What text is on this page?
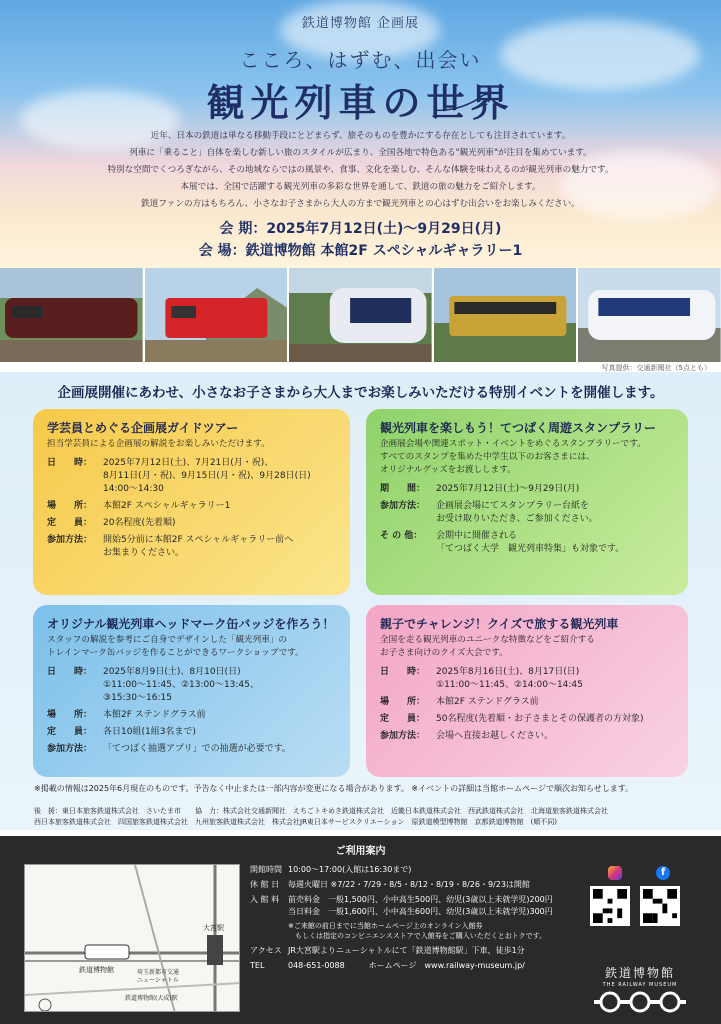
鉄道博物館 企画展
こころ、はずむ、出会い
観光列車の世界
近年、日本の鉄道は単なる移動手段にとどまらず、旅そのものを豊かにする存在としても注目されています。
列車に「乗ること」自体を楽しむ新しい旅のスタイルが広まり、全国各地で特色ある"観光列車"が注目を集めています。
特別な空間でくつろぎながら、その地域ならではの風景や、食事、文化を楽しむ、そんな体験を味わえるのが観光列車の魅力です。
本展では、全国で活躍する観光列車の多彩な世界を通して、鉄道の旅の魅力をご紹介します。
鉄道ファンの方はもちろん、小さなお子さまから大人の方まで観光列車との心はずむ出会いをお楽しみください。
会 期：2025年7月12日(土)～9月29日(月)
会 場：鉄道博物館 本館2F スペシャルギャラリー1
写真提供：交通新聞社（5点とも）
企画展開催にあわせ、小さなお子さまから大人までお楽しみいただける特別イベントを開催します。
学芸員とめぐる企画展ガイドツアー
担当学芸員による企画展の解説をお楽しみいただけます。
日　　時：	2025年7月12日(土)、7月21日(月・祝)、
8月11日(月・祝)、9月15日(月・祝)、9月28日(日)
14:00～14:30
場　　所：	本館2F スペシャルギャラリー1
定　　員：	20名程度(先着順)
参加方法：	開始5分前に本館2F スペシャルギャラリー前へ
お集まりください。
観光列車を楽しもう！てつぱく周遊スタンプラリー
企画展会場や関連スポット・イベントをめぐるスタンプラリーです。
すべてのスタンプを集めた中学生以下のお客さまには、
オリジナルグッズをお渡しします。
期　　間：	2025年7月12日(土)～9月29日(月)
参加方法：	企画展会場にてスタンプラリー台紙を
お受け取りいただき、ご参加ください。
そ の 他：	会期中に開催される
「てつぱく大学　観光列車特集」も対象です。
オリジナル観光列車ヘッドマーク缶バッジを作ろう！
スタッフの解説を参考にご自身でデザインした「観光列車」の
トレインマーク缶バッジを作ることができるワークショップです。
日　　時：	2025年8月9日(土)、8月10日(日)
①11:00～11:45、②13:00～13:45、
③15:30～16:15
場　　所：	本館2F ステンドグラス前
定　　員：	各日10組(1組3名まで)
参加方法：	「てつぱく抽選アプリ」での抽選が必要です。
親子でチャレンジ！クイズで旅する観光列車
全国を走る観光列車のユニークな特徴などをご紹介する
お子さま向けのクイズ大会です。
日　　時：	2025年8月16日(土)、8月17日(日)
①11:00～11:45、②14:00～14:45
場　　所：	本館2F ステンドグラス前
定　　員：	50名程度(先着順・お子さまとその保護者の方対象)
参加方法：	会場へ直接お越しください。
※掲載の情報は2025年6月現在のものです。予告なく中止または一部内容が変更になる場合があります。 ※イベントの詳細は当館ホームページで順次お知らせします。
後　援：東日本旅客鉄道株式会社　さいたま市　　協　力：株式会社交通新聞社　えちごトキめき鉄道株式会社　近畿日本鉄道株式会社　西武鉄道株式会社　北海道旅客鉄道株式会社
西日本旅客鉄道株式会社　四国旅客鉄道株式会社　九州旅客鉄道株式会社　株式会社JR東日本サービスクリエーション　原鉄道模型博物館　京都鉄道博物館　(順不同)
ご利用案内
鉄道博物館
大宮駅
埼玉新都市交通
ニューシャトル
鉄道博物館(大成)駅
開館時間 10:00～17:00(入館は16:30まで)
休 館 日	毎週火曜日 ※7/22・7/29・8/5・8/12・8/19・8/26・9/23は開館
入 館 料	前売料金　一般1,500円、小中高生500円、幼児(3歳以上未就学児)200円
当日料金　一般1,600円、小中高生600円、幼児(3歳以上未就学児)300円
※ご来館の前日までに当館ホームページ上のオンライン入館券
　もしくは指定のコンビニエンスストアで入館券をご購入いただくとおトクです。
アクセス JR大宮駅よりニューシャトルにて「鉄道博物館駅」下車、徒歩1分
TEL	048-651-0088	ホームページ www.railway-museum.jp/
f
鉄道博物館
THE RAILWAY MUSEUM
